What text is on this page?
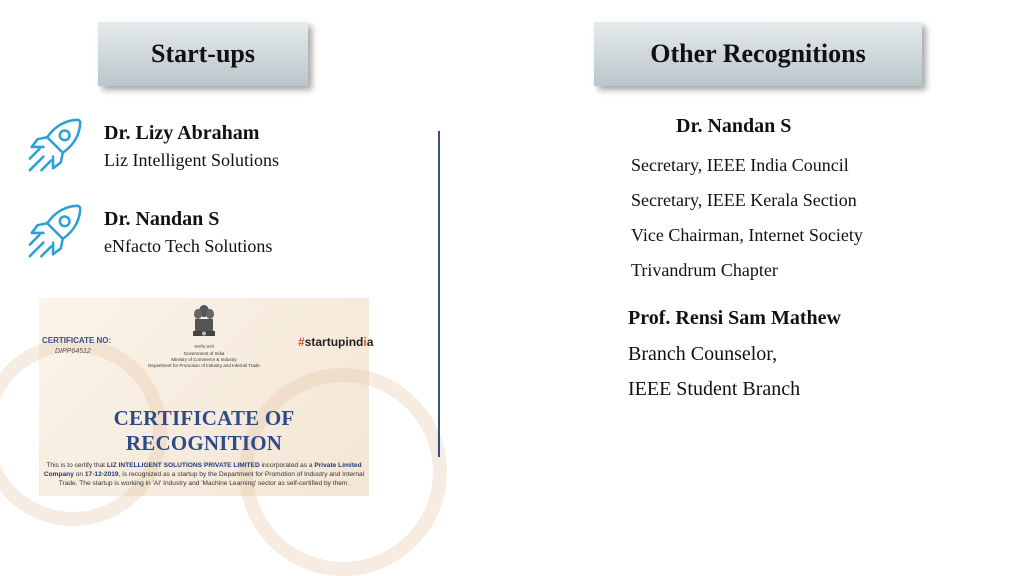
Start-ups	Other Recognitions
Dr. Lizy Abraham
Liz Intelligent Solutions
Dr. Nandan S
eNfacto Tech Solutions
CERTIFICATE NO:
DIPP64512
सत्यमेव जयते
Government of India
Ministry of Commerce & Industry
Department for Promotion of Industry and Internal Trade
#startupindia
CERTIFICATE OF RECOGNITION
This is to certify that LIZ INTELLIGENT SOLUTIONS PRIVATE LIMITED incorporated as a Private Limited
Company on 17-12-2019, is recognized as a startup by the Department for Promotion of Industry and Internal
Trade. The startup is working in 'AI' Industry and 'Machine Learning' sector as self-certified by them.
Dr. Nandan S
Secretary, IEEE India Council
Secretary, IEEE Kerala Section
Vice Chairman, Internet Society
Trivandrum Chapter
Prof. Rensi Sam Mathew
Branch Counselor,
IEEE Student Branch
